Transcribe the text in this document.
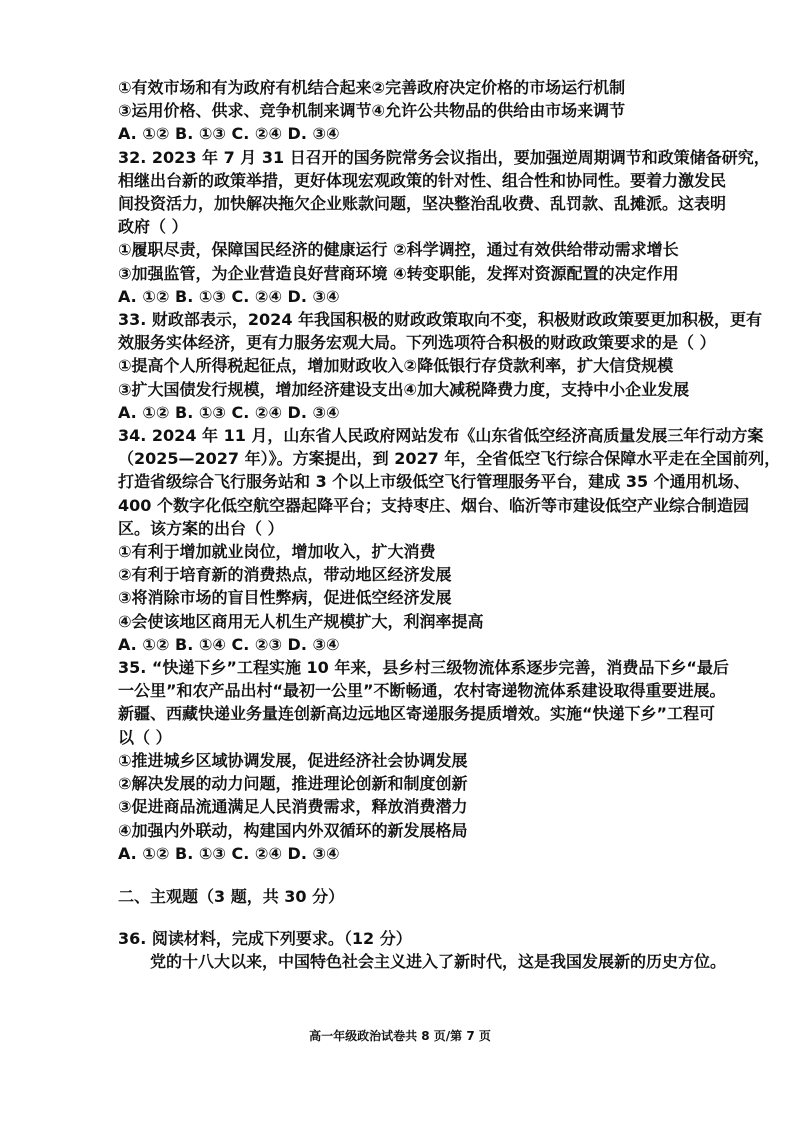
①有效市场和有为政府有机结合起来②完善政府决定价格的市场运行机制
③运用价格、供求、竞争机制来调节④允许公共物品的供给由市场来调节
A. ①② B. ①③ C. ②④ D. ③④
32. 2023 年 7 月 31 日召开的国务院常务会议指出，要加强逆周期调节和政策储备研究，
相继出台新的政策举措，更好体现宏观政策的针对性、组合性和协同性。要着力激发民
间投资活力，加快解决拖欠企业账款问题，坚决整治乱收费、乱罚款、乱摊派。这表明
政府（ ）
①履职尽责，保障国民经济的健康运行 ②科学调控，通过有效供给带动需求增长
③加强监管，为企业营造良好营商环境 ④转变职能，发挥对资源配置的决定作用
A. ①② B. ①③ C. ②④ D. ③④
33. 财政部表示，2024 年我国积极的财政政策取向不变，积极财政政策要更加积极，更有
效服务实体经济，更有力服务宏观大局。下列选项符合积极的财政政策要求的是（ ）
①提高个人所得税起征点，增加财政收入②降低银行存贷款利率，扩大信贷规模
③扩大国债发行规模，增加经济建设支出④加大减税降费力度，支持中小企业发展
A. ①② B. ①③ C. ②④ D. ③④
34. 2024 年 11 月，山东省人民政府网站发布《山东省低空经济高质量发展三年行动方案
（2025—2027 年）》。方案提出，到 2027 年，全省低空飞行综合保障水平走在全国前列，
打造省级综合飞行服务站和 3 个以上市级低空飞行管理服务平台，建成 35 个通用机场、
400 个数字化低空航空器起降平台；支持枣庄、烟台、临沂等市建设低空产业综合制造园
区。该方案的出台（ ）
①有利于增加就业岗位，增加收入，扩大消费
②有利于培育新的消费热点，带动地区经济发展
③将消除市场的盲目性弊病，促进低空经济发展
④会使该地区商用无人机生产规模扩大，利润率提高
A. ①② B. ①④ C. ②③ D. ③④
35. “快递下乡”工程实施 10 年来，县乡村三级物流体系逐步完善，消费品下乡“最后
一公里”和农产品出村“最初一公里”不断畅通，农村寄递物流体系建设取得重要进展。
新疆、西藏快递业务量连创新高边远地区寄递服务提质增效。实施“快递下乡”工程可
以（ ）
①推进城乡区域协调发展，促进经济社会协调发展
②解决发展的动力问题，推进理论创新和制度创新
③促进商品流通满足人民消费需求，释放消费潜力
④加强内外联动，构建国内外双循环的新发展格局
A. ①② B. ①③ C. ②④ D. ③④
二、主观题（3 题，共 30 分）
36. 阅读材料，完成下列要求。（12 分）
党的十八大以来，中国特色社会主义进入了新时代，这是我国发展新的历史方位。
高一年级政治试卷共 8 页/第 7 页
